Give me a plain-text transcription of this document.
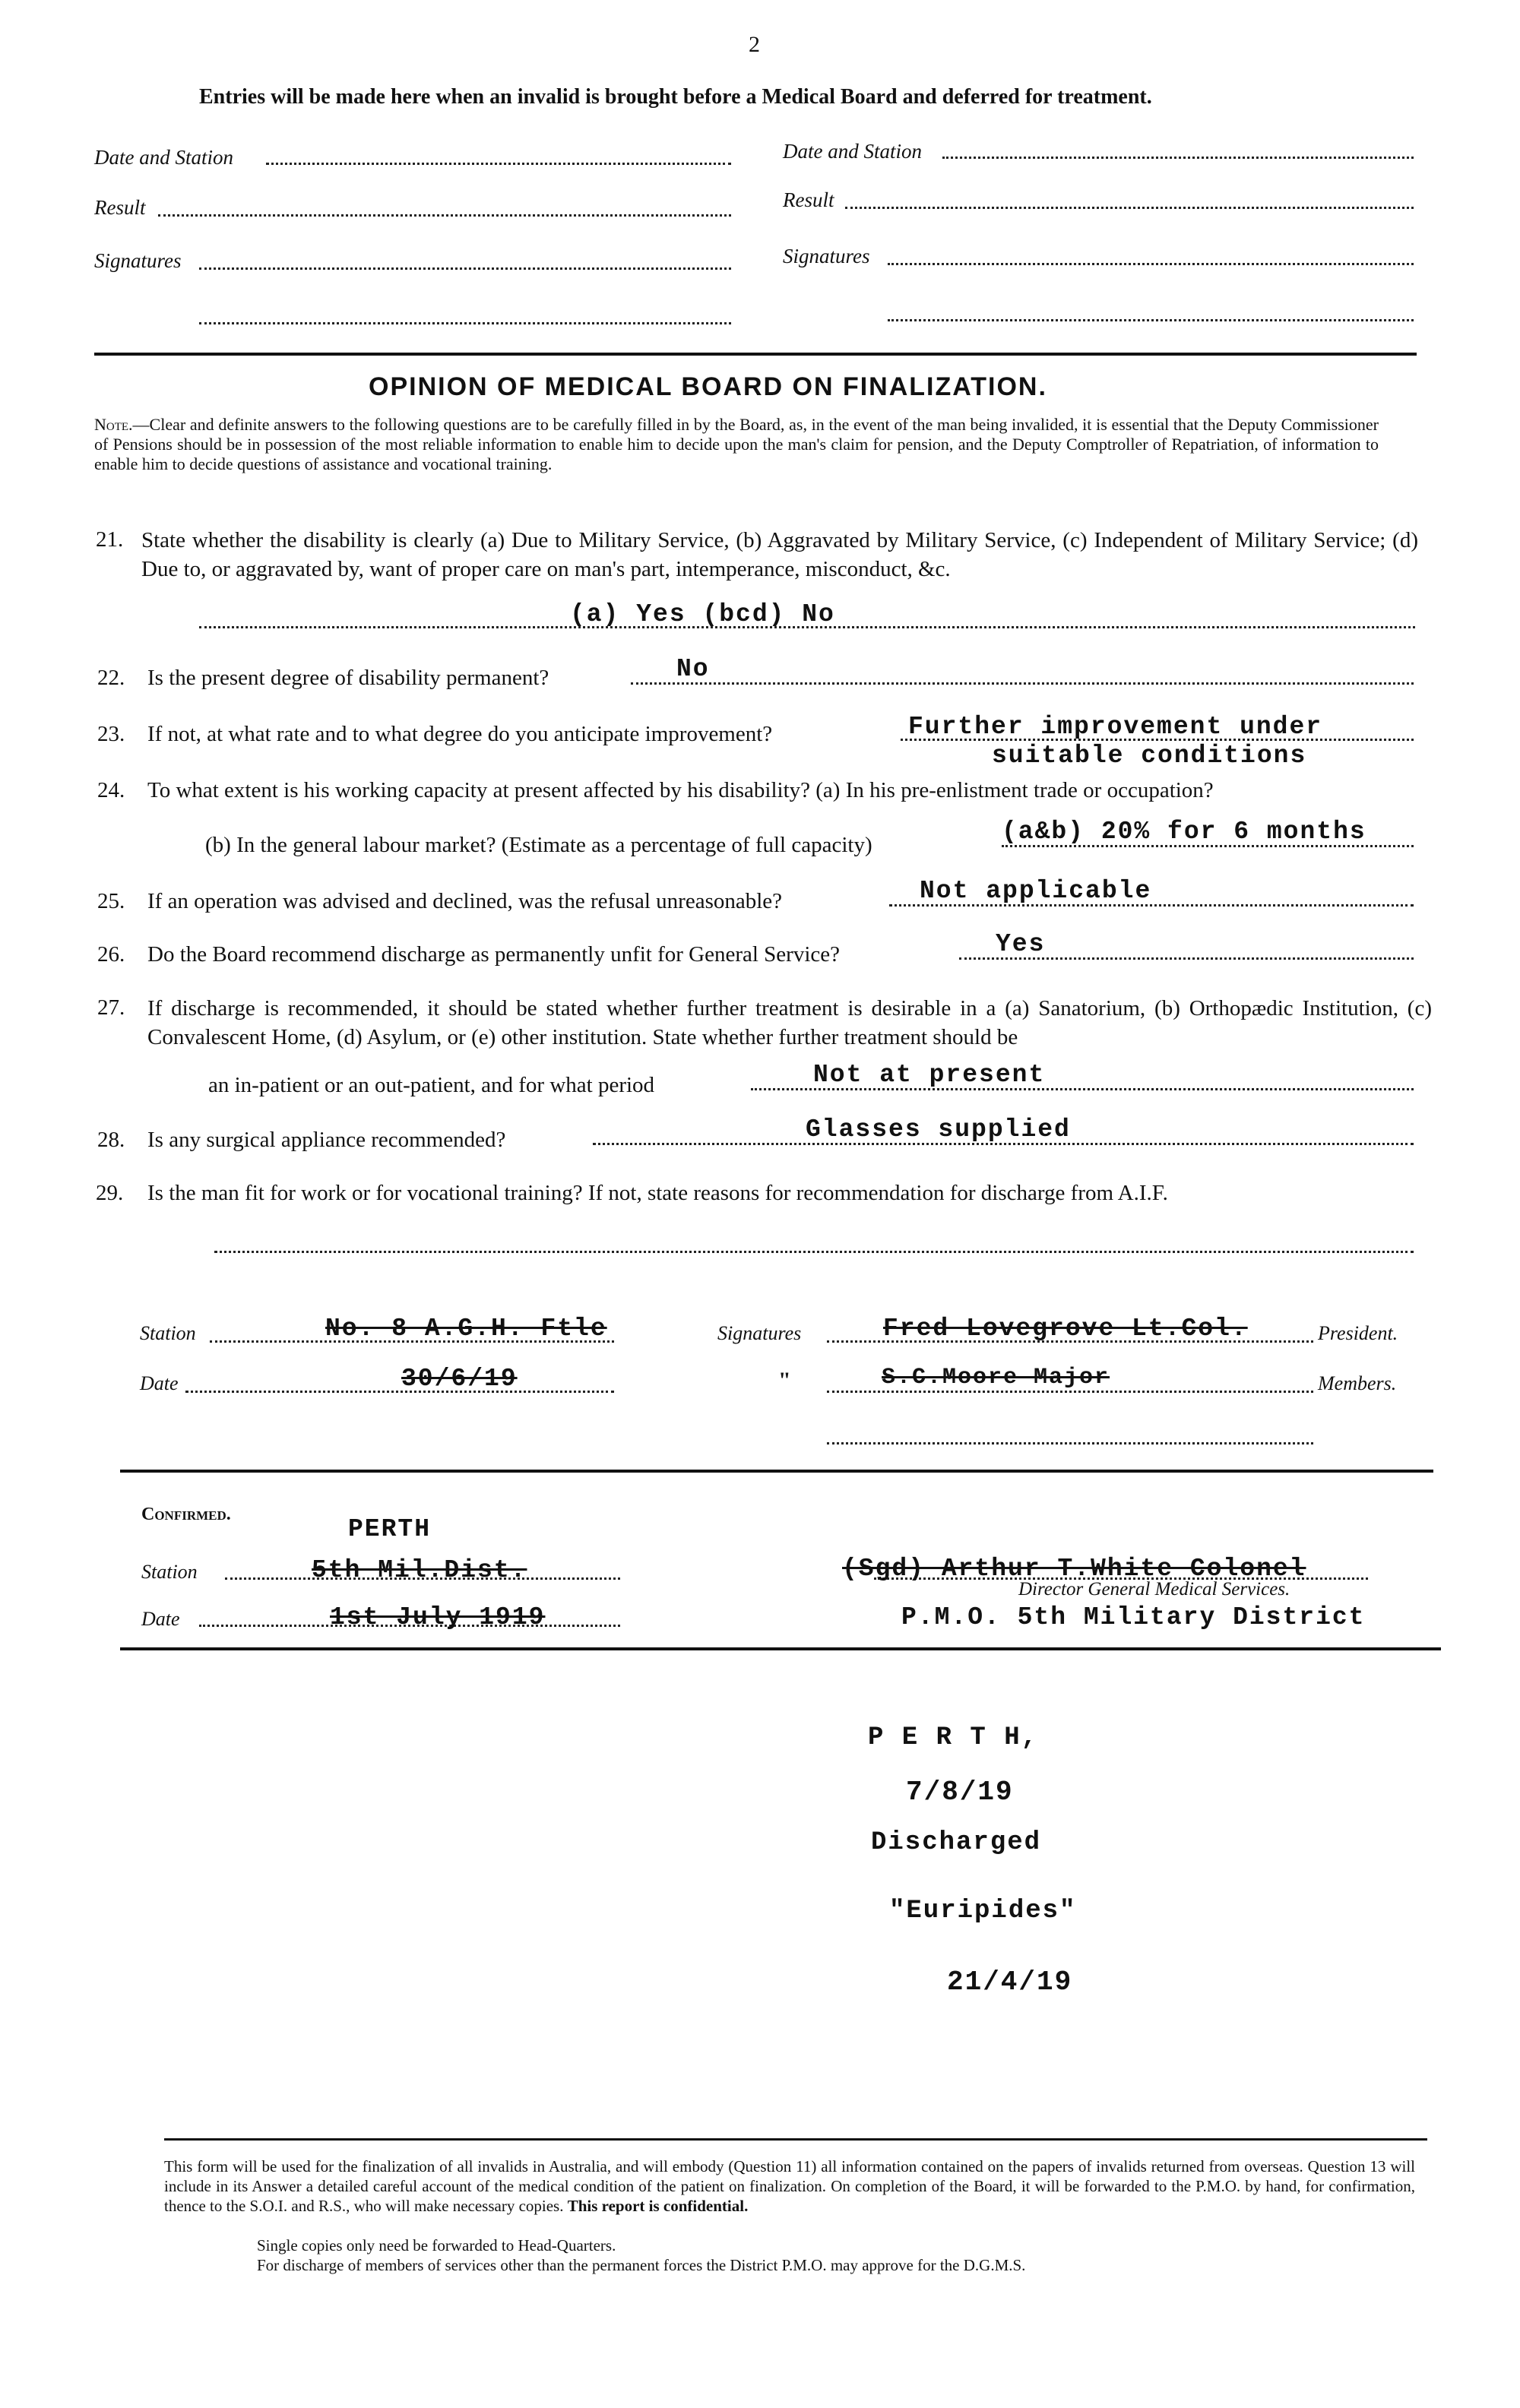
2
Entries will be made here when an invalid is brought before a Medical Board and deferred for treatment.
Date and Station
Result
Signatures
Date and Station
Result
Signatures
OPINION OF MEDICAL BOARD ON FINALIZATION.
Note.—Clear and definite answers to the following questions are to be carefully filled in by the Board, as, in the event of the man being invalided, it is essential that the Deputy Commissioner of Pensions should be in possession of the most reliable information to enable him to decide upon the man's claim for pension, and the Deputy Comptroller of Repatriation, of information to enable him to decide questions of assistance and vocational training.
21. State whether the disability is clearly (a) Due to Military Service, (b) Aggravated by Military Service, (c) Independent of Military Service; (d) Due to, or aggravated by, want of proper care on man's part, intemperance, misconduct, &c.
(a) Yes (bcd) No
22. Is the present degree of disability permanent?	No
23. If not, at what rate and to what degree do you anticipate improvement?	Further improvement under
suitable conditions
24. To what extent is his working capacity at present affected by his disability? (a) In his pre-enlistment trade or occupation?
(b) In the general labour market? (Estimate as a percentage of full capacity)	(a&b) 20% for 6 months
25. If an operation was advised and declined, was the refusal unreasonable?	Not applicable
26. Do the Board recommend discharge as permanently unfit for General Service?	Yes
27. If discharge is recommended, it should be stated whether further treatment is desirable in a (a) Sanatorium, (b) Orthopædic Institution, (c) Convalescent Home, (d) Asylum, or (e) other institution. State whether further treatment should be
an in-patient or an out-patient, and for what period	Not at present
28. Is any surgical appliance recommended?	Glasses supplied
29. Is the man fit for work or for vocational training? If not, state reasons for recommendation for discharge from A.I.F.
Station	No. 8 A.G.H. Ftle
Date	30/6/19
Signatures	Fred Lovegrove Lt.Col.	President.
"	S.C.Moore Major	Members.
Confirmed.
PERTH
Station	5th Mil.Dist.
Date	1st July 1919
(Sgd) Arthur T.White Colonel
Director General Medical Services.
P.M.O. 5th Military District
P E R T H,
7/8/19
Discharged
"Euripides"
21/4/19
This form will be used for the finalization of all invalids in Australia, and will embody (Question 11) all information contained on the papers of invalids returned from overseas. Question 13 will include in its Answer a detailed careful account of the medical condition of the patient on finalization. On completion of the Board, it will be forwarded to the P.M.O. by hand, for confirmation, thence to the S.O.I. and R.S., who will make necessary copies. This report is confidential.
Single copies only need be forwarded to Head-Quarters.
For discharge of members of services other than the permanent forces the District P.M.O. may approve for the D.G.M.S.
